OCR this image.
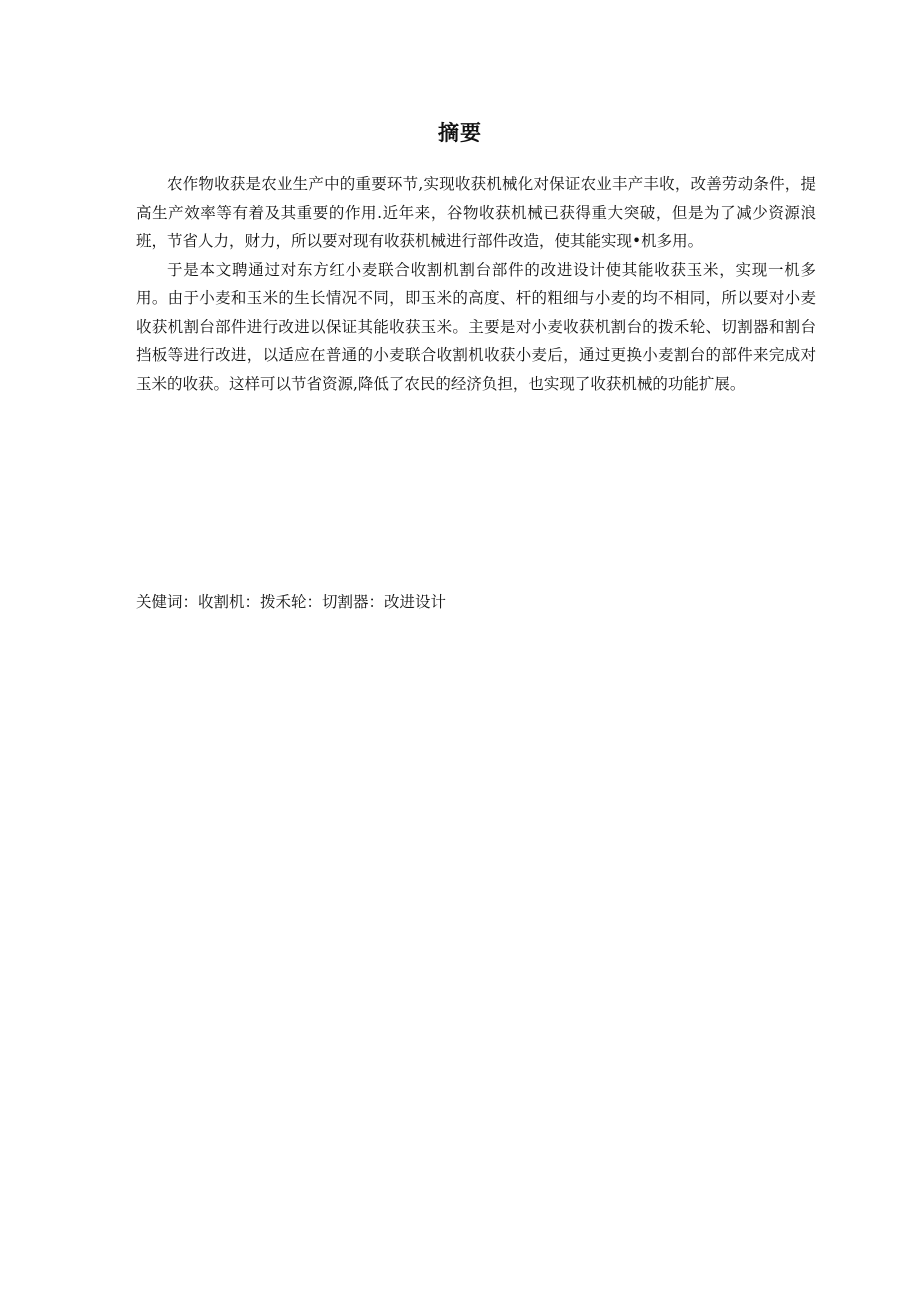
摘要

农作物收获是农业生产中的重要环节,实现收获机械化对保证农业丰产丰收，改善劳动条件，提高生产效率等有着及其重要的作用.近年来，谷物收获机械已获得重大突破，但是为了减少资源浪班，节省人力，财力，所以要对现有收获机械进行部件改造，使其能实现•机多用。

于是本文聘通过对东方红小麦联合收割机割台部件的改进设计使其能收获玉米，实现一机多用。由于小麦和玉米的生长情况不同，即玉米的高度、杆的粗细与小麦的均不相同，所以要对小麦收获机割台部件进行改进以保证其能收获玉米。主要是对小麦收获机割台的拨禾轮、切割器和割台挡板等进行改进，以适应在普通的小麦联合收割机收获小麦后，通过更换小麦割台的部件来完成对玉米的收获。这样可以节省资源,降低了农民的经济负担，也实现了收获机械的功能扩展。

关健词：收割机：拨禾轮：切割器：改进设计
